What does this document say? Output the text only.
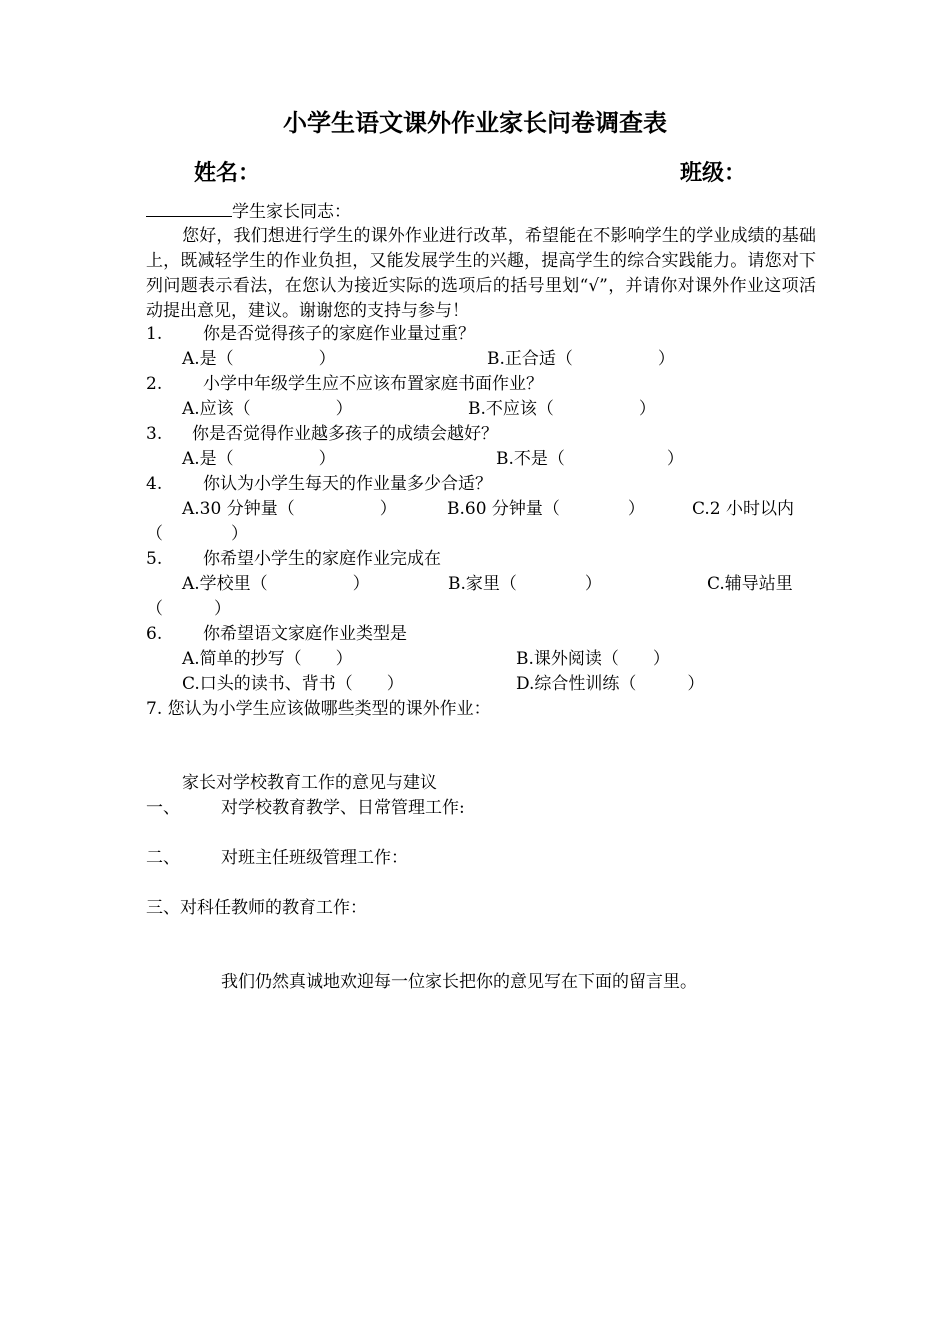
小学生语文课外作业家长问卷调查表
姓名：	班级：
学生家长同志：
您好，我们想进行学生的课外作业进行改革，希望能在不影响学生的学业成绩的基础上，既减轻学生的作业负担，又能发展学生的兴趣，提高学生的综合实践能力。请您对下列问题表示看法，在您认为接近实际的选项后的括号里划“√”，并请你对课外作业这项活动提出意见，建议。谢谢您的支持与参与！
1. 你是否觉得孩子的家庭作业量过重？
A.是（　　　　　）	B.正合适（　　　　　）
2. 小学中年级学生应不应该布置家庭书面作业？
A.应该（　　　　　）	B.不应该（　　　　　）
3. 你是否觉得作业越多孩子的成绩会越好？
A.是（　　　　　）	B.不是（　　　　　　）
4. 你认为小学生每天的作业量多少合适？
A.30 分钟量（　　　　　）	B.60 分钟量（　　　　）	C.2 小时以内
（　　　　）
5. 你希望小学生的家庭作业完成在
A.学校里（　　　　　）	B.家里（　　　　）	C.辅导站里
（　　　）
6. 你希望语文家庭作业类型是
A.简单的抄写（　　）	B.课外阅读（　　）
C.口头的读书、背书（　　）	D.综合性训练（　　　）
7. 您认为小学生应该做哪些类型的课外作业：
家长对学校教育工作的意见与建议
一、 对学校教育教学、日常管理工作:
二、 对班主任班级管理工作：
三、对科任教师的教育工作：
我们仍然真诚地欢迎每一位家长把你的意见写在下面的留言里。
